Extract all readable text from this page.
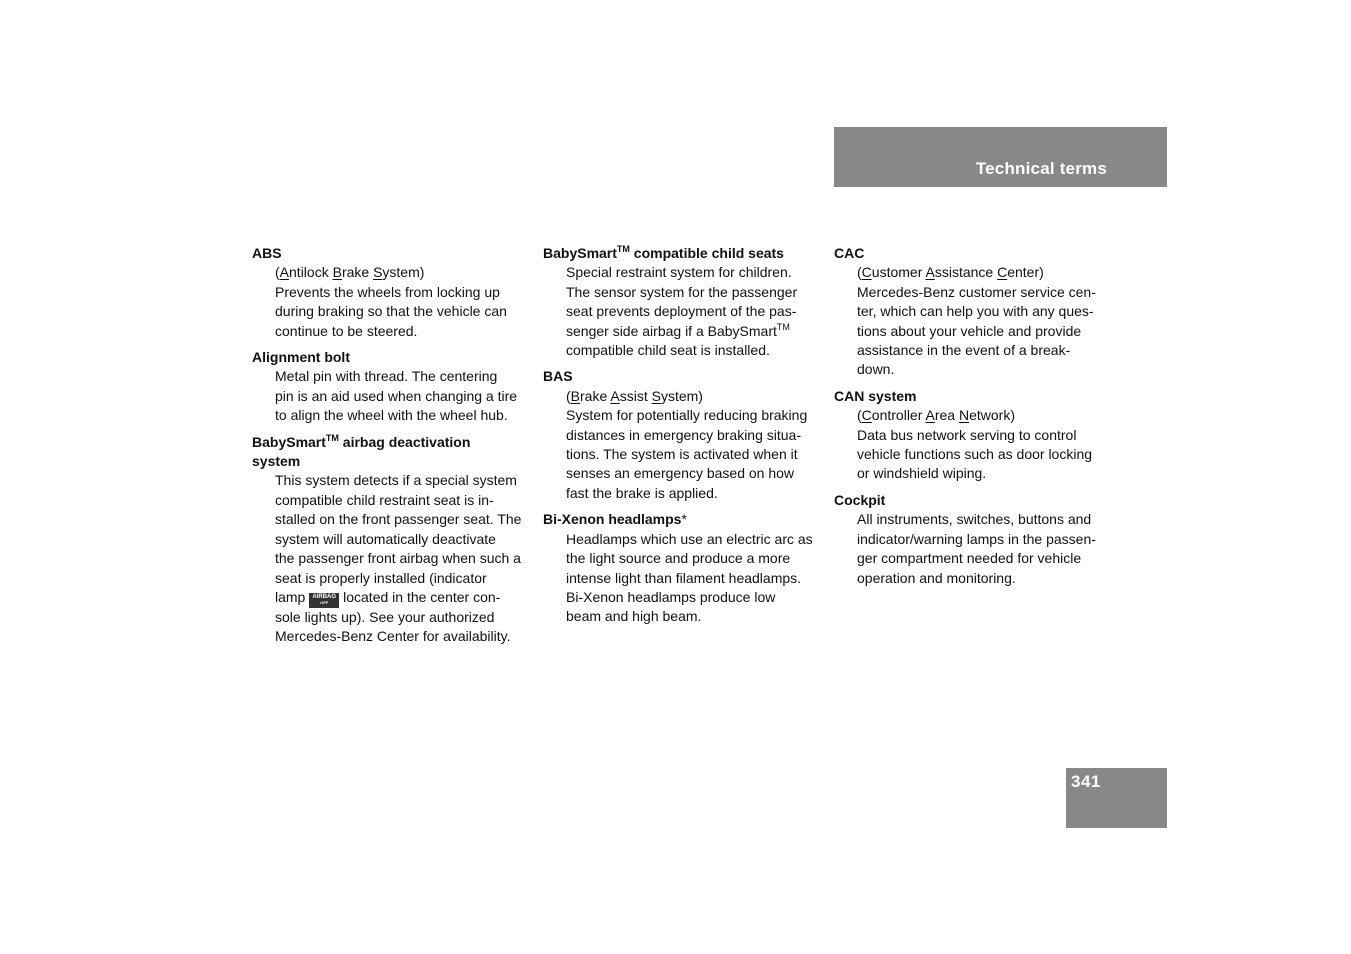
Technical terms
ABS
(Antilock Brake System)
Prevents the wheels from locking up
during braking so that the vehicle can
continue to be steered.
Alignment bolt
Metal pin with thread. The centering
pin is an aid used when changing a tire
to align the wheel with the wheel hub.
BabySmart™ airbag deactivation
system
This system detects if a special system
compatible child restraint seat is in-
stalled on the front passenger seat. The
system will automatically deactivate
the passenger front airbag when such a
seat is properly installed (indicator
lamp AIRBAG
OFF located in the center con-
sole lights up). See your authorized
Mercedes-Benz Center for availability.
BabySmart™ compatible child seats
Special restraint system for children.
The sensor system for the passenger
seat prevents deployment of the pas-
senger side airbag if a BabySmart™
compatible child seat is installed.
BAS
(Brake Assist System)
System for potentially reducing braking
distances in emergency braking situa-
tions. The system is activated when it
senses an emergency based on how
fast the brake is applied.
Bi-Xenon headlamps*
Headlamps which use an electric arc as
the light source and produce a more
intense light than filament headlamps.
Bi-Xenon headlamps produce low
beam and high beam.
CAC
(Customer Assistance Center)
Mercedes-Benz customer service cen-
ter, which can help you with any ques-
tions about your vehicle and provide
assistance in the event of a break-
down.
CAN system
(Controller Area Network)
Data bus network serving to control
vehicle functions such as door locking
or windshield wiping.
Cockpit
All instruments, switches, buttons and
indicator/warning lamps in the passen-
ger compartment needed for vehicle
operation and monitoring.
341
